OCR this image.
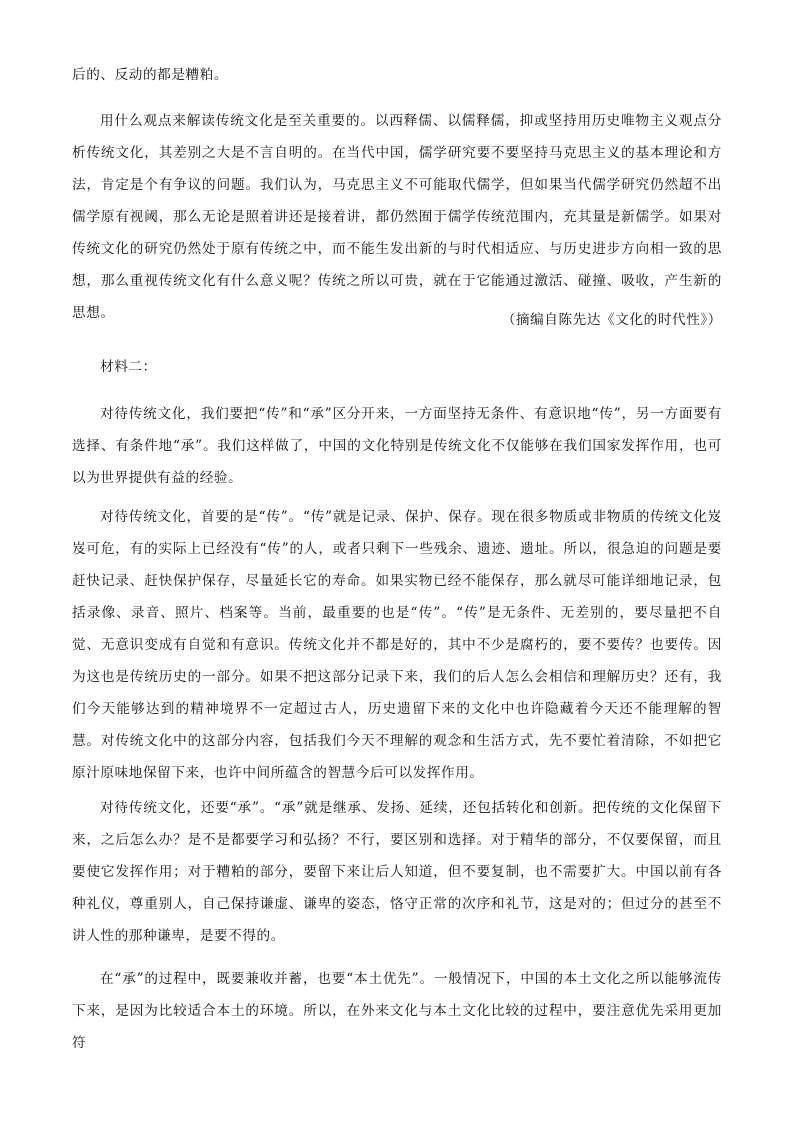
后的、反动的都是糟粕。

用什么观点来解读传统文化是至关重要的。以西释儒、以儒释儒，抑或坚持用历史唯物主义观点分析传统文化，其差别之大是不言自明的。在当代中国，儒学研究要不要坚持马克思主义的基本理论和方法，肯定是个有争议的问题。我们认为，马克思主义不可能取代儒学，但如果当代儒学研究仍然超不出儒学原有视阈，那么无论是照着讲还是接着讲，都仍然囿于儒学传统范围内，充其量是新儒学。如果对传统文化的研究仍然处于原有传统之中，而不能生发出新的与时代相适应、与历史进步方向相一致的思想，那么重视传统文化有什么意义呢？传统之所以可贵，就在于它能通过激活、碰撞、吸收，产生新的思想。	（摘编自陈先达《文化的时代性》）

材料二：

对待传统文化，我们要把“传”和“承”区分开来，一方面坚持无条件、有意识地“传”，另一方面要有选择、有条件地“承”。我们这样做了，中国的文化特别是传统文化不仅能够在我们国家发挥作用，也可以为世界提供有益的经验。

对待传统文化，首要的是“传”。“传”就是记录、保护、保存。现在很多物质或非物质的传统文化岌岌可危，有的实际上已经没有“传”的人，或者只剩下一些残余、遗迹、遗址。所以，很急迫的问题是要赶快记录、赶快保护保存，尽量延长它的寿命。如果实物已经不能保存，那么就尽可能详细地记录，包括录像、录音、照片、档案等。当前，最重要的也是“传”。“传”是无条件、无差别的，要尽量把不自觉、无意识变成有自觉和有意识。传统文化并不都是好的，其中不少是腐朽的，要不要传？也要传。因为这也是传统历史的一部分。如果不把这部分记录下来，我们的后人怎么会相信和理解历史？还有，我们今天能够达到的精神境界不一定超过古人，历史遗留下来的文化中也许隐藏着今天还不能理解的智慧。对传统文化中的这部分内容，包括我们今天不理解的观念和生活方式，先不要忙着清除，不如把它原汁原味地保留下来，也许中间所蕴含的智慧今后可以发挥作用。

对待传统文化，还要“承”。“承”就是继承、发扬、延续，还包括转化和创新。把传统的文化保留下来，之后怎么办？是不是都要学习和弘扬？不行，要区别和选择。对于精华的部分，不仅要保留，而且要使它发挥作用；对于糟粕的部分，要留下来让后人知道，但不要复制，也不需要扩大。中国以前有各种礼仪，尊重别人，自己保持谦虚、谦卑的姿态，恪守正常的次序和礼节，这是对的；但过分的甚至不讲人性的那种谦卑，是要不得的。

在“承”的过程中，既要兼收并蓄，也要“本土优先”。一般情况下，中国的本土文化之所以能够流传下来，是因为比较适合本土的环境。所以，在外来文化与本土文化比较的过程中，要注意优先采用更加符
